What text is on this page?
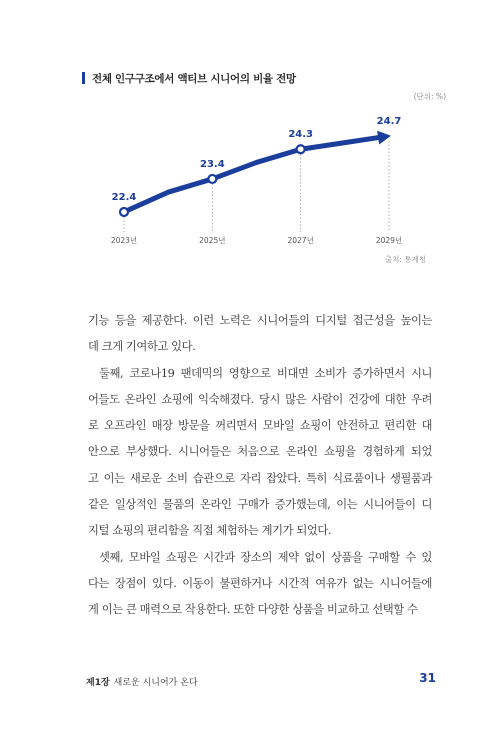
전체 인구구조에서 액티브 시니어의 비율 전망
(단위: %)
22.4
23.4
24.3
24.7
2023년	2025년	2027년	2029년
출처: 통계청

기능 등을 제공한다. 이런 노력은 시니어들의 디지털 접근성을 높이는

데 크게 기여하고 있다.

둘째, 코로나19 팬데믹의 영향으로 비대면 소비가 증가하면서 시니

어들도 온라인 쇼핑에 익숙해졌다. 당시 많은 사람이 건강에 대한 우려

로 오프라인 매장 방문을 꺼리면서 모바일 쇼핑이 안전하고 편리한 대

안으로 부상했다. 시니어들은 처음으로 온라인 쇼핑을 경험하게 되었

고 이는 새로운 소비 습관으로 자리 잡았다. 특히 식료품이나 생필품과

같은 일상적인 물품의 온라인 구매가 증가했는데, 이는 시니어들이 디

지털 쇼핑의 편리함을 직접 체험하는 계기가 되었다.

셋째, 모바일 쇼핑은 시간과 장소의 제약 없이 상품을 구매할 수 있

다는 장점이 있다. 이동이 불편하거나 시간적 여유가 없는 시니어들에

게 이는 큰 매력으로 작용한다. 또한 다양한 상품을 비교하고 선택할 수

제1장 새로운 시니어가 온다	31
